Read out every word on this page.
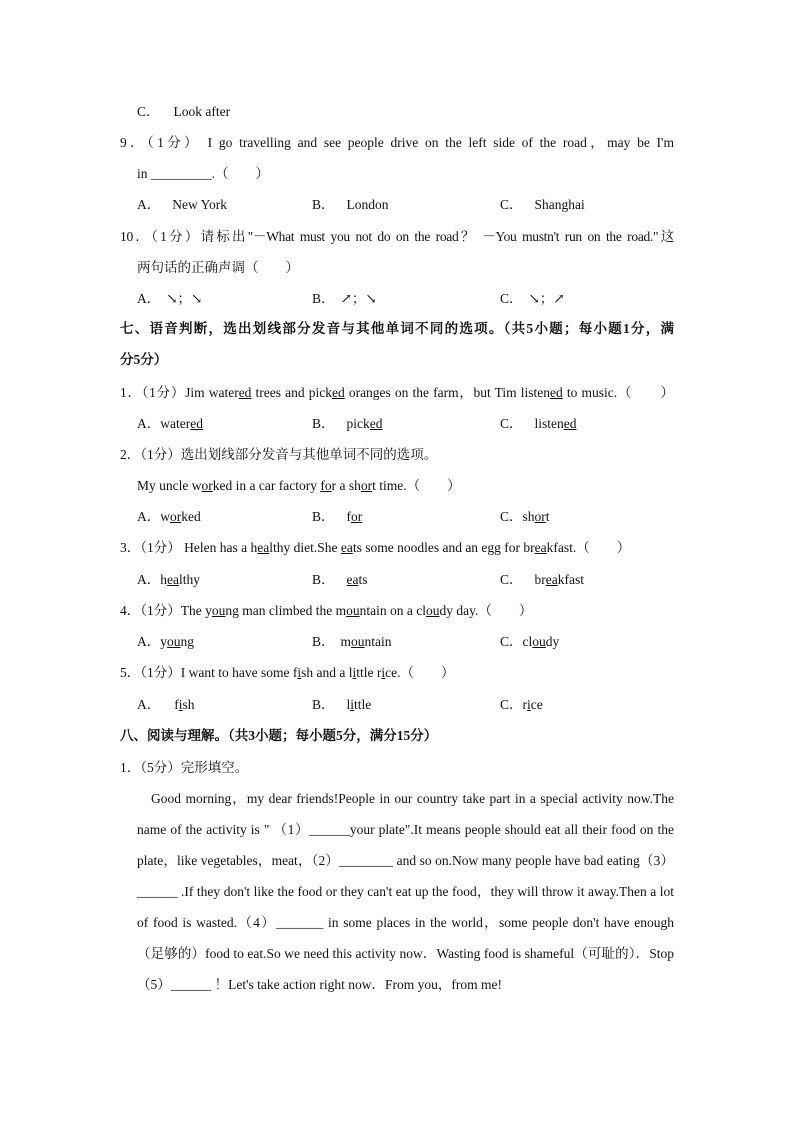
C． Look after
9．（1分） I go travelling and see people drive on the left side of the road，may be I'm
in _________.（　　）
A． New York	B． London	C． Shanghai
10．（1分）请标出"－What must you not do on the road？ －You mustn't run on the road."这
两句话的正确声调（　　）
A． ↘；↘	B． ↗；↘	C． ↘；↗
七、语音判断，选出划线部分发音与其他单词不同的选项。（共5小题；每小题1分，满
分5分）
1．（1分）Jim watered trees and picked oranges on the farm，but Tim listened to music.（　　）
A．watered	B． picked	C． listened
2．（1分）选出划线部分发音与其他单词不同的选项。
My uncle worked in a car factory for a short time.（　　）
A．worked	B． for	C．short
3．（1分） Helen has a healthy diet.She eats some noodles and an egg for breakfast.（　　）
A．healthy	B． eats	C． breakfast
4．（1分）The young man climbed the mountain on a cloudy day.（　　）
A．young	B． mountain	C．cloudy
5．（1分）I want to have some fish and a little rice.（　　）
A． fish	B． little	C．rice
八、阅读与理解。（共3小题；每小题5分，满分15分）
1．（5分）完形填空。
Good morning，my dear friends!People in our country take part in a special activity now.The name of the activity is " （1）______your plate".It means people should eat all their food on the plate，like vegetables，meat，（2）________ and so on.Now many people have bad eating（3）______ .If they don't like the food or they can't eat up the food，they will throw it away.Then a lot of food is wasted.（4）_______ in some places in the world，some people don't have enough（足够的）food to eat.So we need this activity now．Wasting food is shameful（可耻的）．Stop（5）______ ！Let's take action right now．From you，from me!
